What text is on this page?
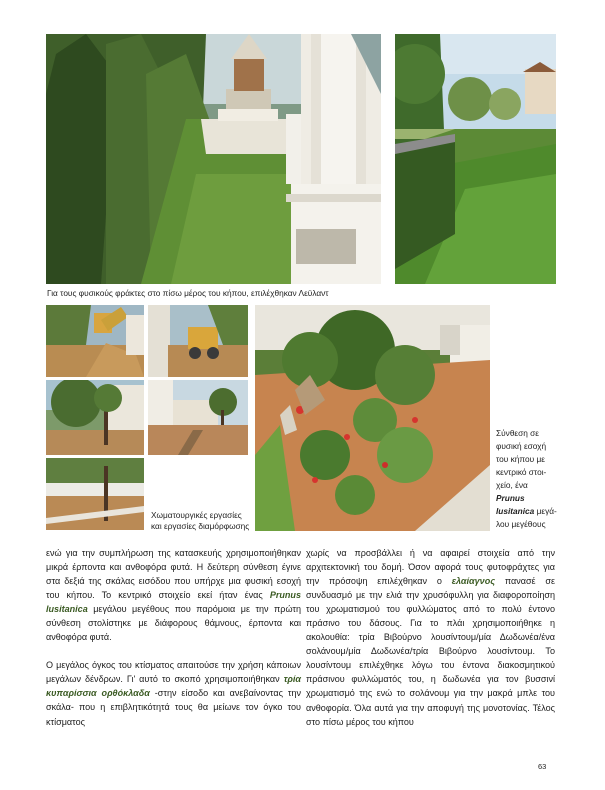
Για τους φυσικούς φράκτες στο πίσω μέρος του κήπου, επιλέχθηκαν Λεϋλαντ
Χωματουργικές εργασίες
και εργασίες διαμόρφωσης
Σύνθεση σε
φυσική εσοχή
του κήπου με
κεντρικό στοι-
χείο, ένα
Prunus
lusitanica μεγά-
λου μεγέθους

ενώ για την συμπλήρωση της κατασκευής χρησιμοποιήθηκαν μικρά έρποντα και ανθοφόρα φυτά. Η δεύτερη σύνθεση έγινε στα δεξιά της σκάλας εισόδου που υπήρχε μια φυσική εσοχή του κήπου. Το κεντρικό στοιχείο εκεί ήταν ένας Prunus lusitanica μεγάλου μεγέθους που παρόμοια με την πρώτη σύνθεση στολίστηκε με διάφορους θάμνους, έρποντα και ανθοφόρα φυτά.

Ο μεγάλος όγκος του κτίσματος απαιτούσε την χρήση κάποιων μεγάλων δένδρων. Γι' αυτό το σκοπό χρησιμοποιήθηκαν τρία κυπαρίσσια ορθόκλαδα -στην είσοδο και ανεβαίνοντας την σκάλα- που η επιβλητικότητά τους θα μείωνε τον όγκο του κτίσματος

χωρίς να προσβάλλει ή να αφαιρεί στοιχεία από την αρχιτεκτονική του δομή. Όσον αφορά τους φυτοφράχτες για την πρόσοψη επιλέχθηκαν ο ελαίαγνος πανασέ σε συνδυασμό με την ελιά την χρυσόφυλλη για διαφοροποίηση του χρωματισμού του φυλλώματος από το πολύ έντονο πράσινο του δάσους. Για το πλάι χρησιμοποιήθηκε η ακολουθία: τρία Βιβούρνο λουσίντουμ/μία Δωδωνέα/ένα σολάνουμ/μία Δωδωνέα/τρία Βιβούρνο λουσίντουμ. Το λουσίντουμ επιλέχθηκε λόγω του έντονα διακοσμητικού πράσινου φυλλώματός του, η δωδωνέα για τον βυσσινί χρωματισμό της ενώ το σολάνουμ για την μακρά μπλε του ανθοφορία. Όλα αυτά για την αποφυγή της μονοτονίας. Τέλος στο πίσω μέρος του κήπου

63
